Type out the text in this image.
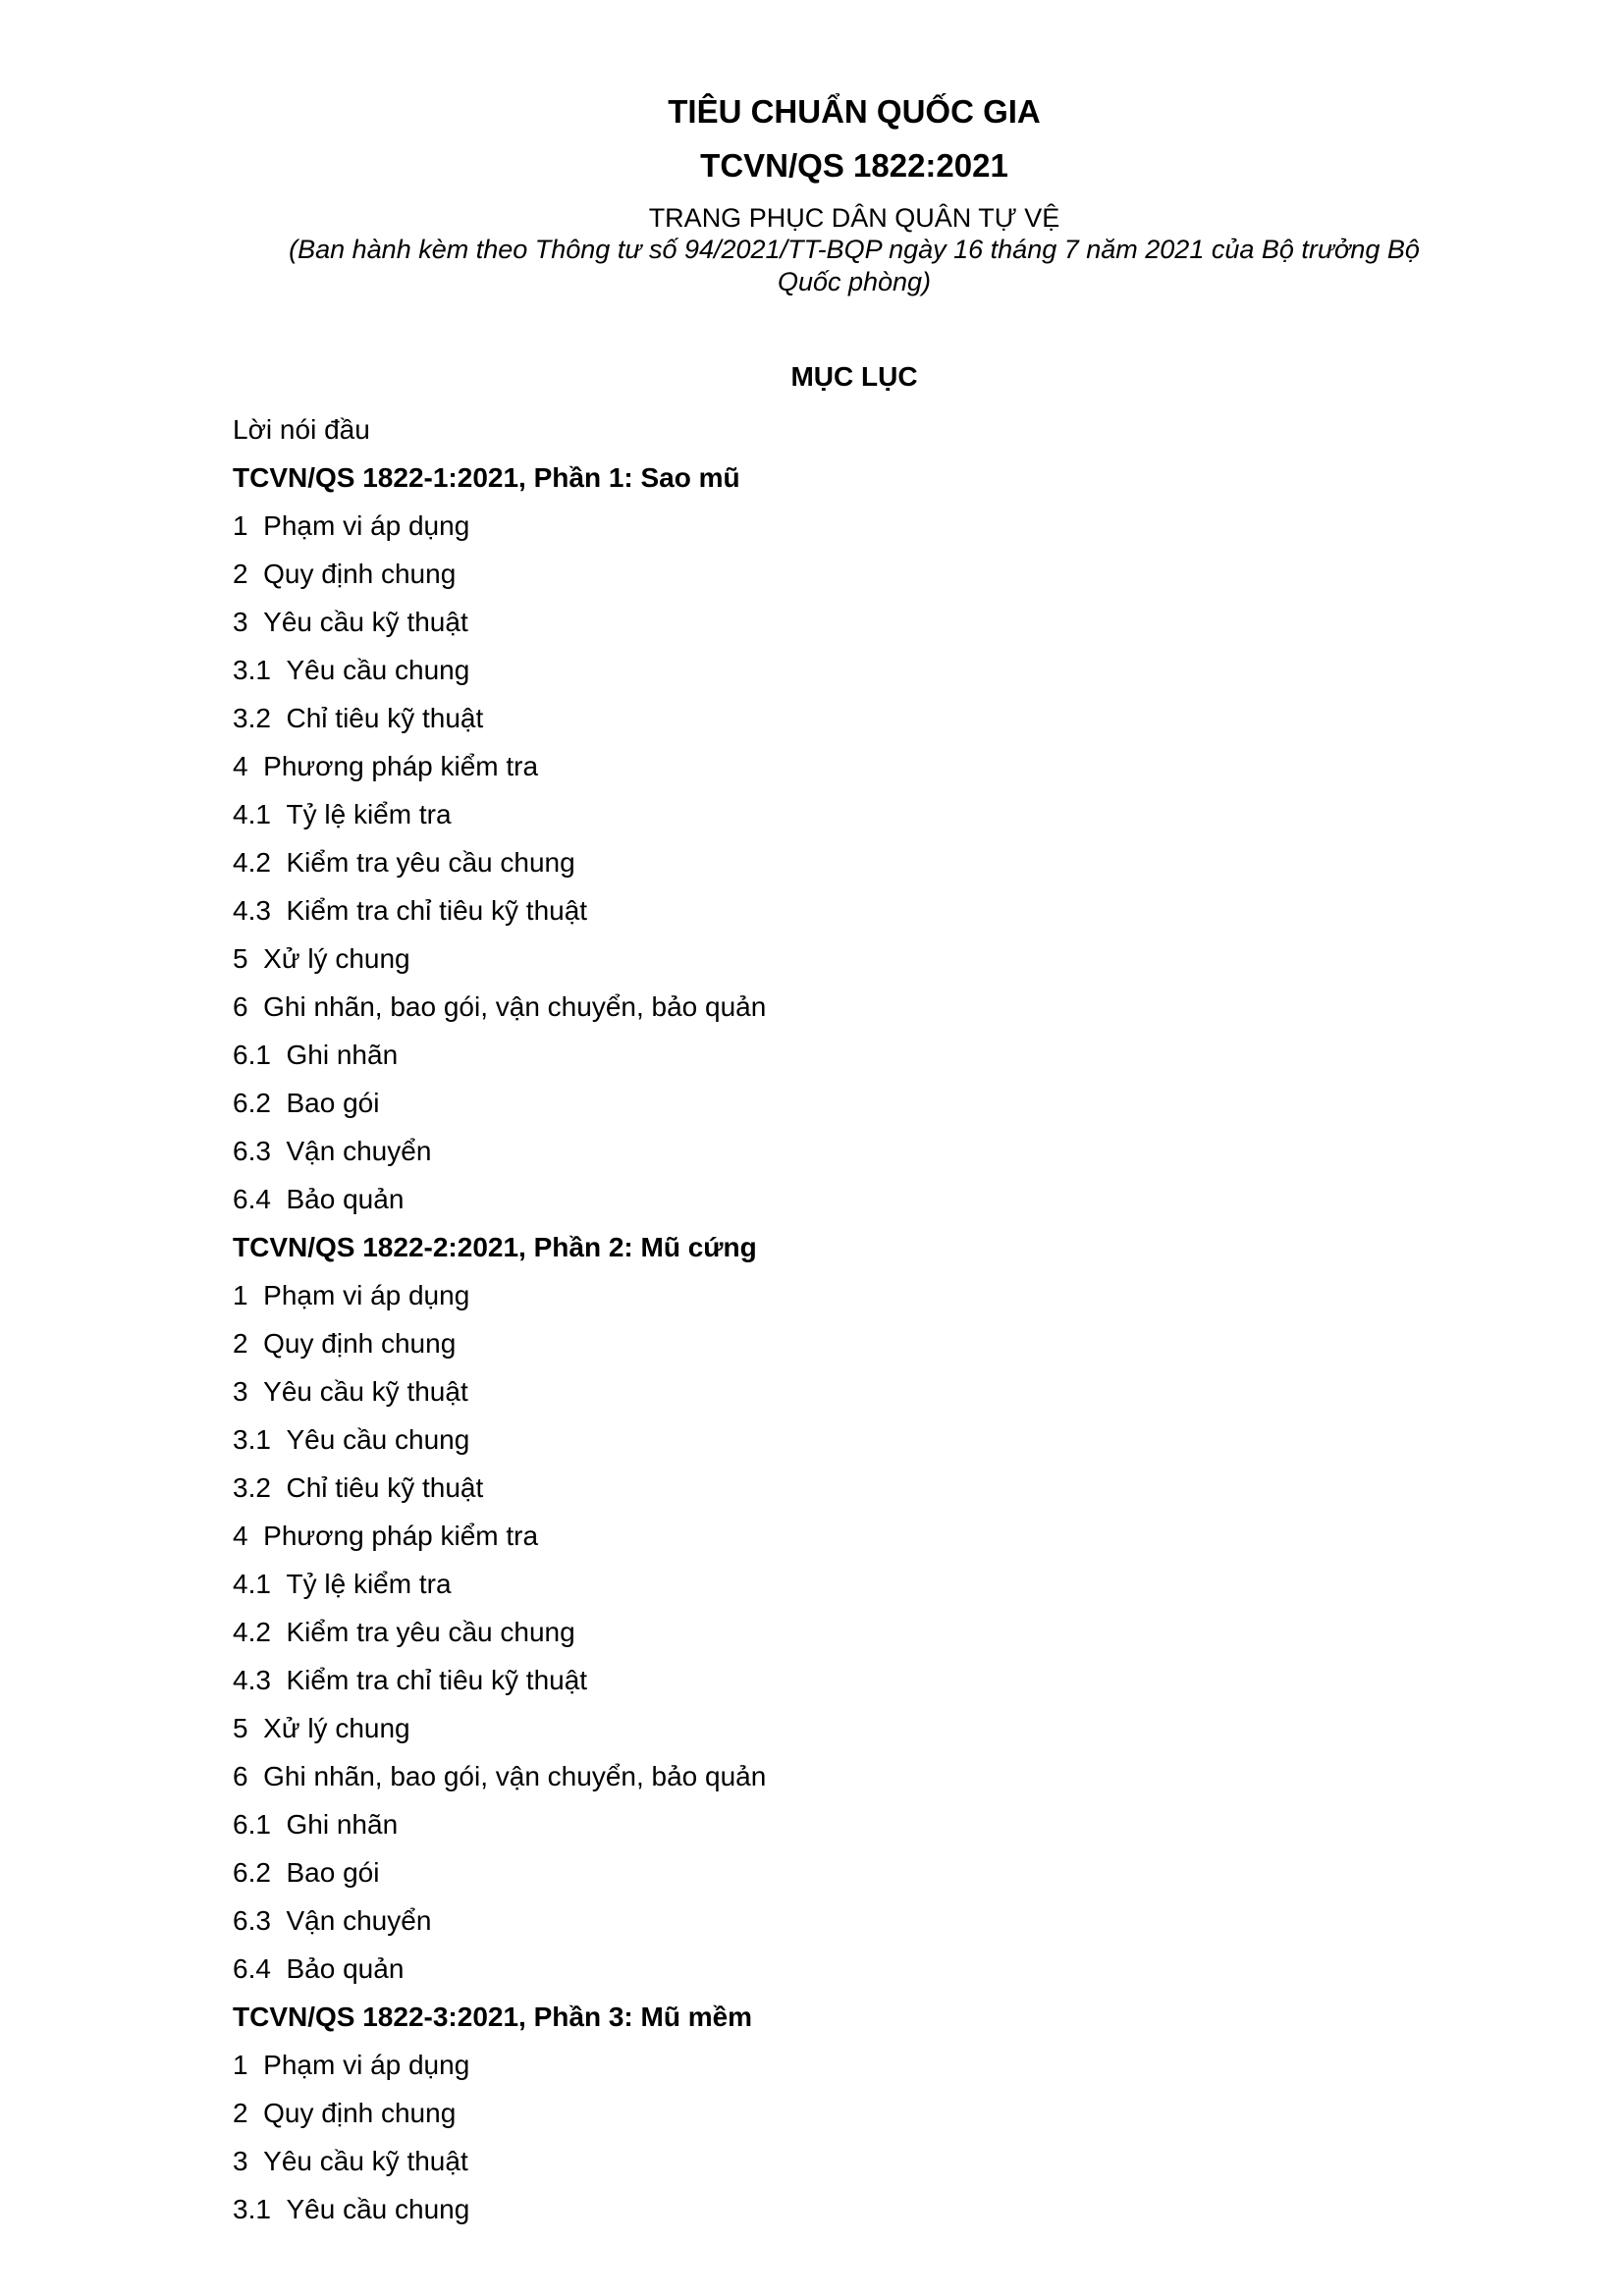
TIÊU CHUẨN QUỐC GIA
TCVN/QS 1822:2021

TRANG PHỤC DÂN QUÂN TỰ VỆ

(Ban hành kèm theo Thông tư số 94/2021/TT-BQP ngày 16 tháng 7 năm 2021 của Bộ trưởng Bộ Quốc phòng)

MỤC LỤC
Lời nói đầu
TCVN/QS 1822-1:2021, Phần 1: Sao mũ
1 Phạm vi áp dụng
2 Quy định chung
3 Yêu cầu kỹ thuật
3.1 Yêu cầu chung
3.2 Chỉ tiêu kỹ thuật
4 Phương pháp kiểm tra
4.1 Tỷ lệ kiểm tra
4.2 Kiểm tra yêu cầu chung
4.3 Kiểm tra chỉ tiêu kỹ thuật
5 Xử lý chung
6 Ghi nhãn, bao gói, vận chuyển, bảo quản
6.1 Ghi nhãn
6.2 Bao gói
6.3 Vận chuyển
6.4 Bảo quản
TCVN/QS 1822-2:2021, Phần 2: Mũ cứng
1 Phạm vi áp dụng
2 Quy định chung
3 Yêu cầu kỹ thuật
3.1 Yêu cầu chung
3.2 Chỉ tiêu kỹ thuật
4 Phương pháp kiểm tra
4.1 Tỷ lệ kiểm tra
4.2 Kiểm tra yêu cầu chung
4.3 Kiểm tra chỉ tiêu kỹ thuật
5 Xử lý chung
6 Ghi nhãn, bao gói, vận chuyển, bảo quản
6.1 Ghi nhãn
6.2 Bao gói
6.3 Vận chuyển
6.4 Bảo quản
TCVN/QS 1822-3:2021, Phần 3: Mũ mềm
1 Phạm vi áp dụng
2 Quy định chung
3 Yêu cầu kỹ thuật
3.1 Yêu cầu chung
